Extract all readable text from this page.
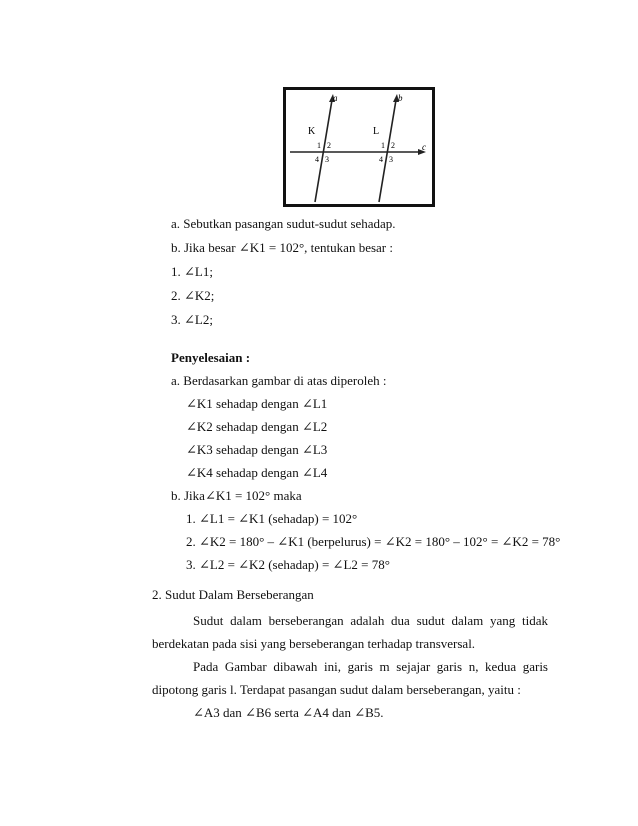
a	b
c
K	L
1 2
4 3
1 2
4 3
a. Sebutkan pasangan sudut-sudut sehadap.
b. Jika besar ∠K1 = 102°, tentukan besar :
1. ∠L1;
2. ∠K2;
3. ∠L2;
Penyelesaian :
a. Berdasarkan gambar di atas diperoleh :
∠K1 sehadap dengan ∠L1
∠K2 sehadap dengan ∠L2
∠K3 sehadap dengan ∠L3
∠K4 sehadap dengan ∠L4
b. Jika∠K1 = 102° maka
1. ∠L1 = ∠K1 (sehadap) = 102°
2. ∠K2 = 180° – ∠K1 (berpelurus) = ∠K2 = 180° – 102° = ∠K2 = 78°
3. ∠L2 = ∠K2 (sehadap) = ∠L2 = 78°
2. Sudut Dalam Berseberangan
Sudut dalam berseberangan adalah dua sudut dalam yang tidak
berdekatan pada sisi yang berseberangan terhadap transversal.
Pada Gambar dibawah ini, garis m sejajar garis n, kedua garis
dipotong garis l. Terdapat pasangan sudut dalam berseberangan, yaitu :
∠A3 dan ∠B6 serta ∠A4 dan ∠B5.
